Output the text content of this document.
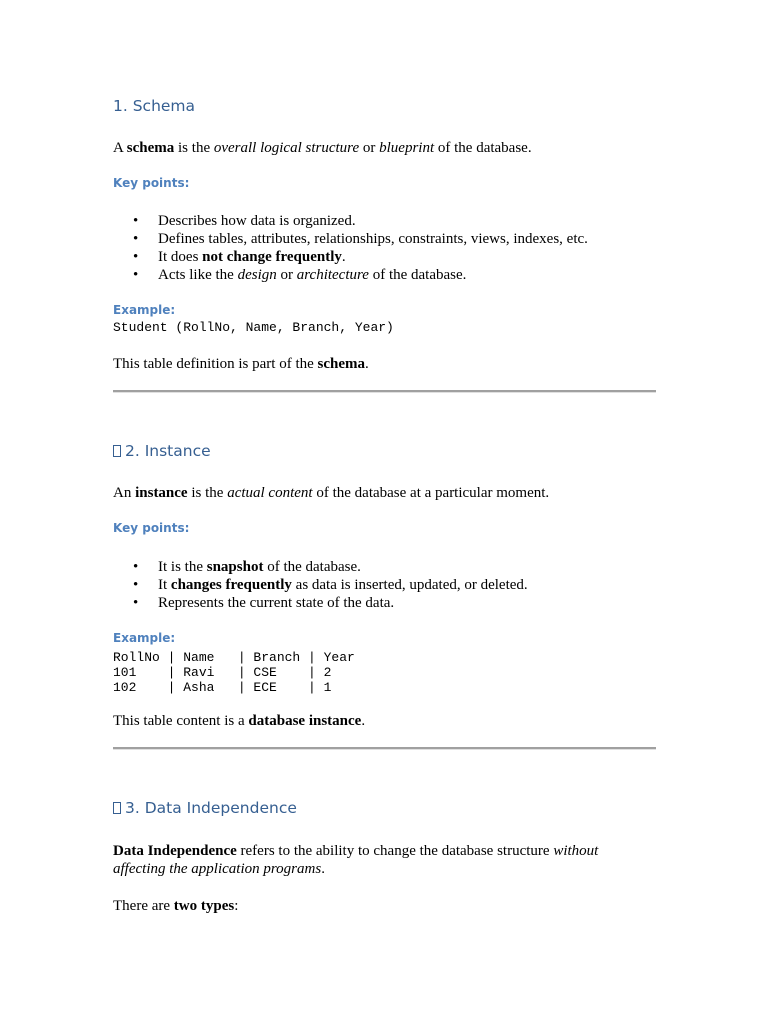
1. Schema

A schema is the overall logical structure or blueprint of the database.

Key points:
• Describes how data is organized.
• Defines tables, attributes, relationships, constraints, views, indexes, etc.
• It does not change frequently.
• Acts like the design or architecture of the database.
Example:
Student (RollNo, Name, Branch, Year)

This table definition is part of the schema.

2. Instance

An instance is the actual content of the database at a particular moment.

Key points:
• It is the snapshot of the database.
• It changes frequently as data is inserted, updated, or deleted.
• Represents the current state of the data.
Example:
RollNo | Name   | Branch | Year
101    | Ravi   | CSE    | 2
102    | Asha   | ECE    | 1

This table content is a database instance.

3. Data Independence

Data Independence refers to the ability to change the database structure without affecting the application programs.

There are two types:
